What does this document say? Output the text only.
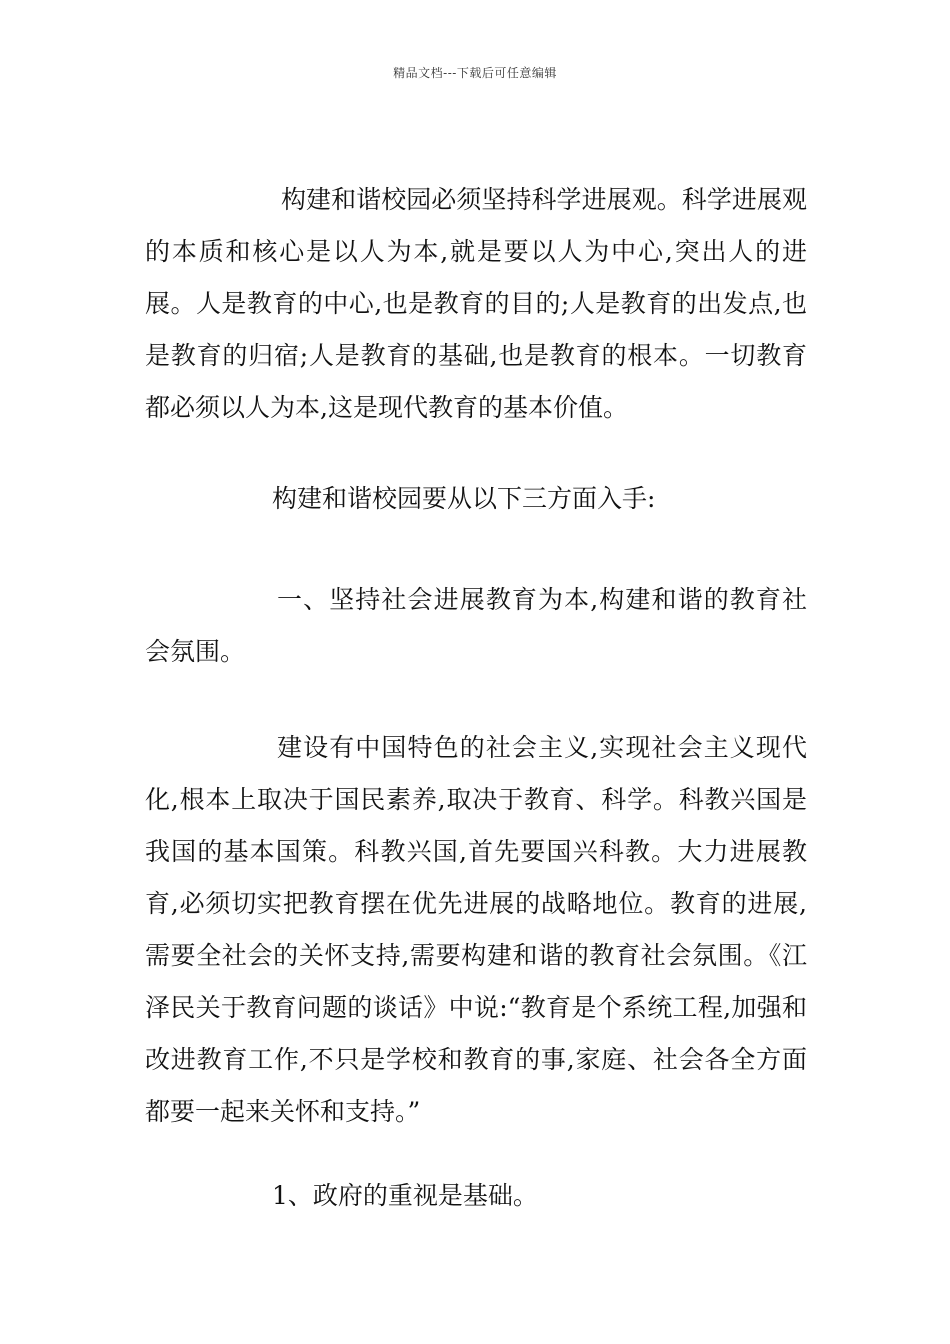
精品文档---下载后可任意编辑
构建和谐校园必须坚持科学进展观。科学进展观的本质和核心是以人为本,就是要以人为中心,突出人的进展。人是教育的中心,也是教育的目的;人是教育的出发点,也是教育的归宿;人是教育的基础,也是教育的根本。一切教育都必须以人为本,这是现代教育的基本价值。
构建和谐校园要从以下三方面入手:
一、坚持社会进展教育为本,构建和谐的教育社会氛围。
建设有中国特色的社会主义,实现社会主义现代化,根本上取决于国民素养,取决于教育、科学。科教兴国是我国的基本国策。科教兴国,首先要国兴科教。大力进展教育,必须切实把教育摆在优先进展的战略地位。教育的进展,需要全社会的关怀支持,需要构建和谐的教育社会氛围。《江泽民关于教育问题的谈话》中说:“教育是个系统工程,加强和改进教育工作,不只是学校和教育的事,家庭、社会各全方面都要一起来关怀和支持。”
1、政府的重视是基础。
